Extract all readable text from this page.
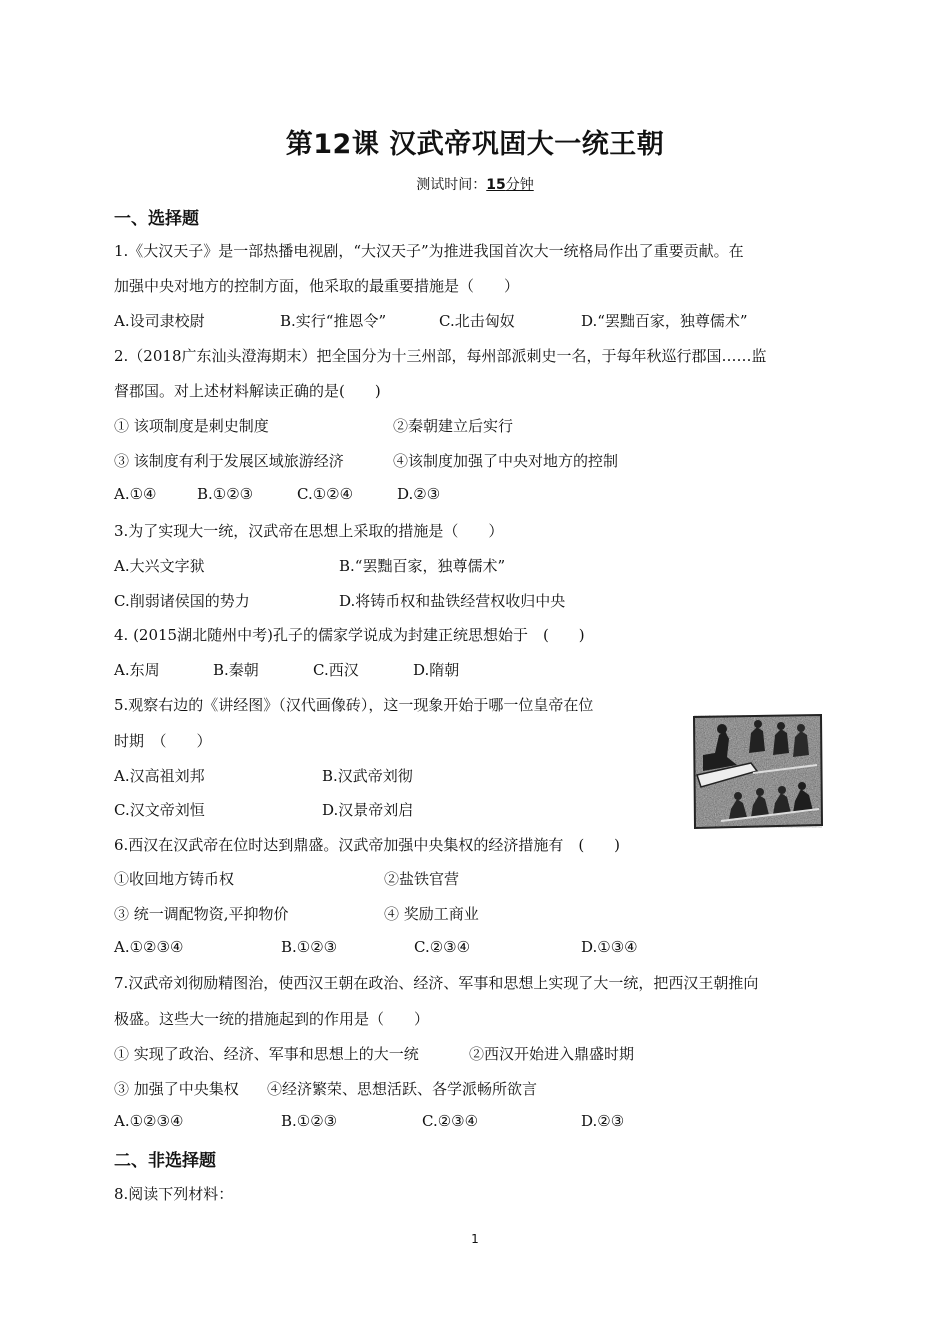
第12课 汉武帝巩固大一统王朝
测试时间：15分钟
一、选择题
1.《大汉天子》是一部热播电视剧，“大汉天子”为推进我国首次大一统格局作出了重要贡献。在
加强中央对地方的控制方面，他采取的最重要措施是（　　）
A.设司隶校尉	B.实行“推恩令”	C.北击匈奴	D.“罢黜百家，独尊儒术”
2.（2018广东汕头澄海期末）把全国分为十三州部，每州部派刺史一名，于每年秋巡行郡国……监
督郡国。对上述材料解读正确的是(　　)
① 该项制度是刺史制度	②秦朝建立后实行
③ 该制度有利于发展区域旅游经济	④该制度加强了中央对地方的控制
A.①④	B.①②③	C.①②④	D.②③
3.为了实现大一统，汉武帝在思想上采取的措施是（　　）
A.大兴文字狱	B.“罢黜百家，独尊儒术”
C.削弱诸侯国的势力	D.将铸币权和盐铁经营权收归中央
4. (2015湖北随州中考)孔子的儒家学说成为封建正统思想始于　(　　)
A.东周	B.秦朝	C.西汉	D.隋朝
5.观察右边的《讲经图》（汉代画像砖），这一现象开始于哪一位皇帝在位
时期　（　　）
A.汉高祖刘邦	B.汉武帝刘彻
C.汉文帝刘恒	D.汉景帝刘启
6.西汉在汉武帝在位时达到鼎盛。汉武帝加强中央集权的经济措施有　(　　)
①收回地方铸币权	②盐铁官营
③ 统一调配物资,平抑物价	④ 奖励工商业
A.①②③④	B.①②③	C.②③④	D.①③④
7.汉武帝刘彻励精图治，使西汉王朝在政治、经济、军事和思想上实现了大一统，把西汉王朝推向
极盛。这些大一统的措施起到的作用是（　　）
① 实现了政治、经济、军事和思想上的大一统	②西汉开始进入鼎盛时期
③ 加强了中央集权 ④经济繁荣、思想活跃、各学派畅所欲言
A.①②③④	B.①②③	C.②③④	D.②③
二、非选择题
8.阅读下列材料：
1
